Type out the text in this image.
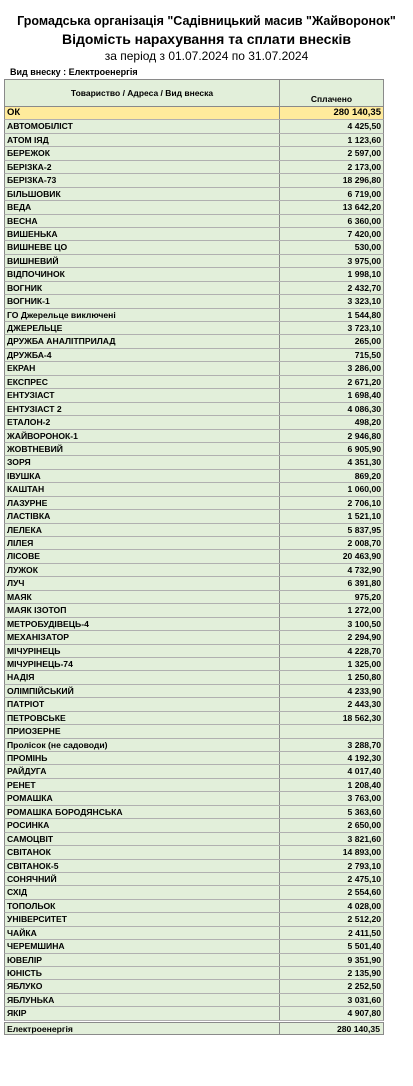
Громадська організація "Садівницький масив "Жайворонок"
Відомість нарахування та сплати внесків
за період з 01.07.2024 по 31.07.2024
Вид внеску : Електроенергія
Товариство / Адреса / Вид внеска
Сплачено
ОК	280 140,35
АВТОМОБІЛІСТ	4 425,50
АТОМ ІЯД	1 123,60
БЕРЕЖОК	2 597,00
БЕРІЗКА-2	2 173,00
БЕРІЗКА-73	18 296,80
БІЛЬШОВИК	6 719,00
ВЕДА	13 642,20
ВЕСНА	6 360,00
ВИШЕНЬКА	7 420,00
ВИШНЕВЕ ЦО	530,00
ВИШНЕВИЙ	3 975,00
ВІДПОЧИНОК	1 998,10
ВОГНИК	2 432,70
ВОГНИК-1	3 323,10
ГО Джерельце виключені	1 544,80
ДЖЕРЕЛЬЦЕ	3 723,10
ДРУЖБА АНАЛІТПРИЛАД	265,00
ДРУЖБА-4	715,50
ЕКРАН	3 286,00
ЕКСПРЕС	2 671,20
ЕНТУЗІАСТ	1 698,40
ЕНТУЗІАСТ 2	4 086,30
ЕТАЛОН-2	498,20
ЖАЙВОРОНОК-1	2 946,80
ЖОВТНЕВИЙ	6 905,90
ЗОРЯ	4 351,30
ІВУШКА	869,20
КАШТАН	1 060,00
ЛАЗУРНЕ	2 706,10
ЛАСТІВКА	1 521,10
ЛЕЛЕКА	5 837,95
ЛІЛЕЯ	2 008,70
ЛІСОВЕ	20 463,90
ЛУЖОК	4 732,90
ЛУЧ	6 391,80
МАЯК	975,20
МАЯК ІЗОТОП	1 272,00
МЕТРОБУДІВЕЦЬ-4	3 100,50
МЕХАНІЗАТОР	2 294,90
МІЧУРІНЕЦЬ	4 228,70
МІЧУРІНЕЦЬ-74	1 325,00
НАДІЯ	1 250,80
ОЛІМПІЙСЬКИЙ	4 233,90
ПАТРІОТ	2 443,30
ПЕТРОВСЬКЕ	18 562,30
ПРИОЗЕРНЕ
Пролісок (не садоводи)	3 288,70
ПРОМІНЬ	4 192,30
РАЙДУГА	4 017,40
РЕНЕТ	1 208,40
РОМАШКА	3 763,00
РОМАШКА БОРОДЯНСЬКА	5 363,60
РОСИНКА	2 650,00
САМОЦВІТ	3 821,60
СВІТАНОК	14 893,00
СВІТАНОК-5	2 793,10
СОНЯЧНИЙ	2 475,10
СХІД	2 554,60
ТОПОЛЬОК	4 028,00
УНІВЕРСИТЕТ	2 512,20
ЧАЙКА	2 411,50
ЧЕРЕМШИНА	5 501,40
ЮВЕЛІР	9 351,90
ЮНІСТЬ	2 135,90
ЯБЛУКО	2 252,50
ЯБЛУНЬКА	3 031,60
ЯКІР	4 907,80
Електроенергія	280 140,35
